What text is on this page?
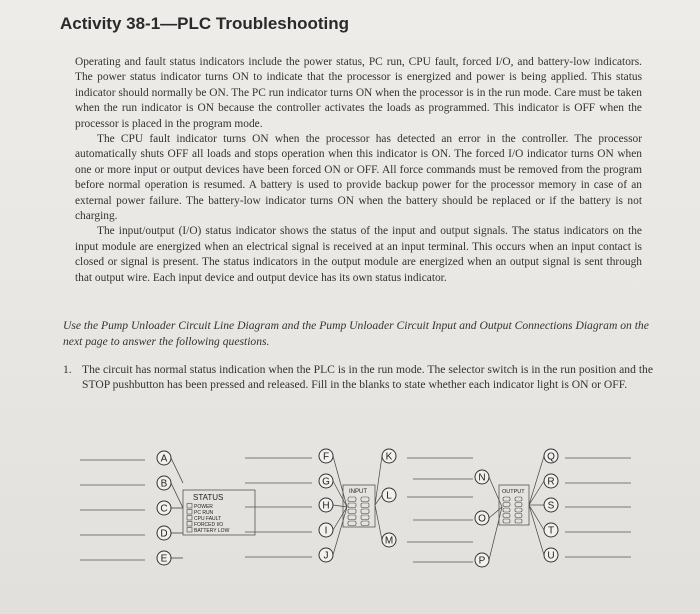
Activity 38-1—PLC Troubleshooting

Operating and fault status indicators include the power status, PC run, CPU fault, forced I/O, and battery-low indicators. The power status indicator turns ON to indicate that the processor is energized and power is being applied. This status indicator should normally be ON. The PC run indicator turns ON when the processor is in the run mode. Care must be taken when the run indicator is ON because the controller activates the loads as programmed. This indicator is OFF when the processor is placed in the program mode.

The CPU fault indicator turns ON when the processor has detected an error in the controller. The processor automatically shuts OFF all loads and stops operation when this indicator is ON. The forced I/O indicator turns ON when one or more input or output devices have been forced ON or OFF. All force commands must be removed from the program before normal operation is resumed. A battery is used to provide backup power for the processor memory in case of an external power failure. The battery-low indicator turns ON when the battery should be replaced or if the battery is not charging.

The input/output (I/O) status indicator shows the status of the input and output signals. The status indicators on the input module are energized when an electrical signal is received at an input terminal. This occurs when an input contact is closed or signal is present. The status indicators in the output module are energized when an output signal is sent through that output wire. Each input device and output device has its own status indicator.

Use the Pump Unloader Circuit Line Diagram and the Pump Unloader Circuit Input and Output Connections Diagram on the next page to answer the following questions.
1. The circuit has normal status indication when the PLC is in the run mode. The selector switch is in the run position and the STOP pushbutton has been pressed and released. Fill in the blanks to state whether each indicator light is ON or OFF.
A
B
C
D
E
STATUS
POWER
PC RUN
CPU FAULT
FORCED I/O
BATTERY LOW
F
G
H
I
J
INPUT
K
L
M
N
O
P
OUTPUT
Q
R
S
T
U
